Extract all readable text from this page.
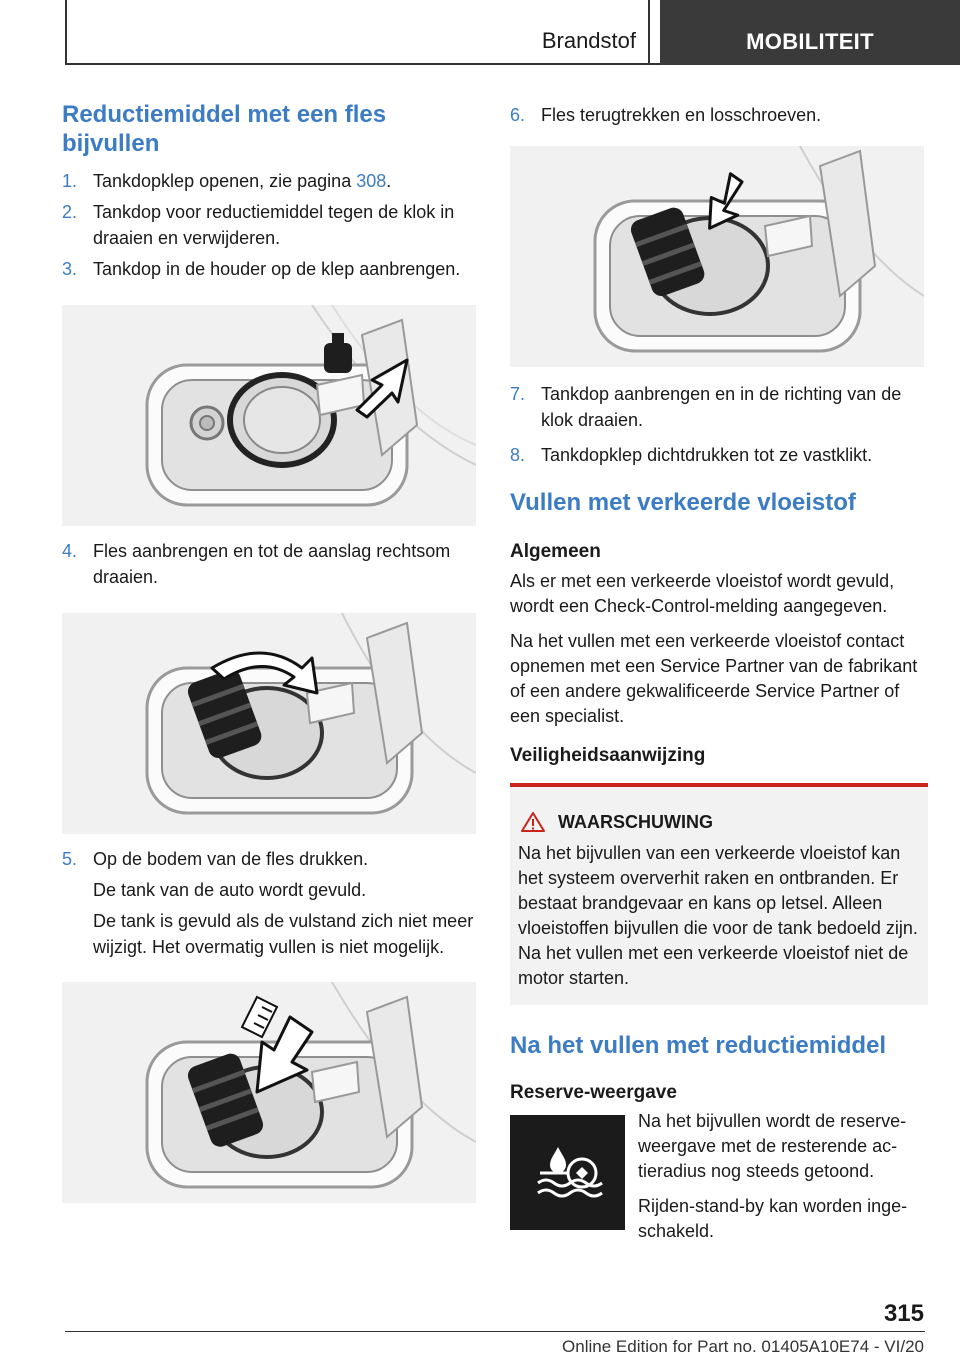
Brandstof	MOBILITEIT
Reductiemiddel met een fles bijvullen
1. Tankdopklep openen, zie pagina 308.
2. Tankdop voor reductiemiddel tegen de klok in draaien en verwijderen.
3. Tankdop in de houder op de klep aanbrengen.
4. Fles aanbrengen en tot de aanslag rechtsom draaien.
5. Op de bodem van de fles drukken.
De tank van de auto wordt gevuld.
De tank is gevuld als de vulstand zich niet meer wijzigt. Het overmatig vullen is niet mogelijk.
6. Fles terugtrekken en losschroeven.
7. Tankdop aanbrengen en in de richting van de klok draaien.
8. Tankdopklep dichtdrukken tot ze vastklikt.
Vullen met verkeerde vloeistof
Algemeen

Als er met een verkeerde vloeistof wordt gevuld, wordt een Check-Control-melding aangegeven.

Na het vullen met een verkeerde vloeistof contact opnemen met een Service Partner van de fabrikant of een andere gekwalificeerde Service Partner of een specialist.

Veiligheidsaanwijzing
WAARSCHUWING

Na het bijvullen van een verkeerde vloeistof kan het systeem oververhit raken en ontbranden. Er bestaat brandgevaar en kans op letsel. Alleen vloeistoffen bijvullen die voor de tank bedoeld zijn. Na het vullen met een verkeerde vloeistof niet de motor starten.

Na het vullen met reductiemiddel
Reserve-weergave

Na het bijvullen wordt de reserveweergave met de resterende actieradius nog steeds getoond.

Rijden-stand-by kan worden ingeschakeld.

315
Online Edition for Part no. 01405A10E74 - VI/20
